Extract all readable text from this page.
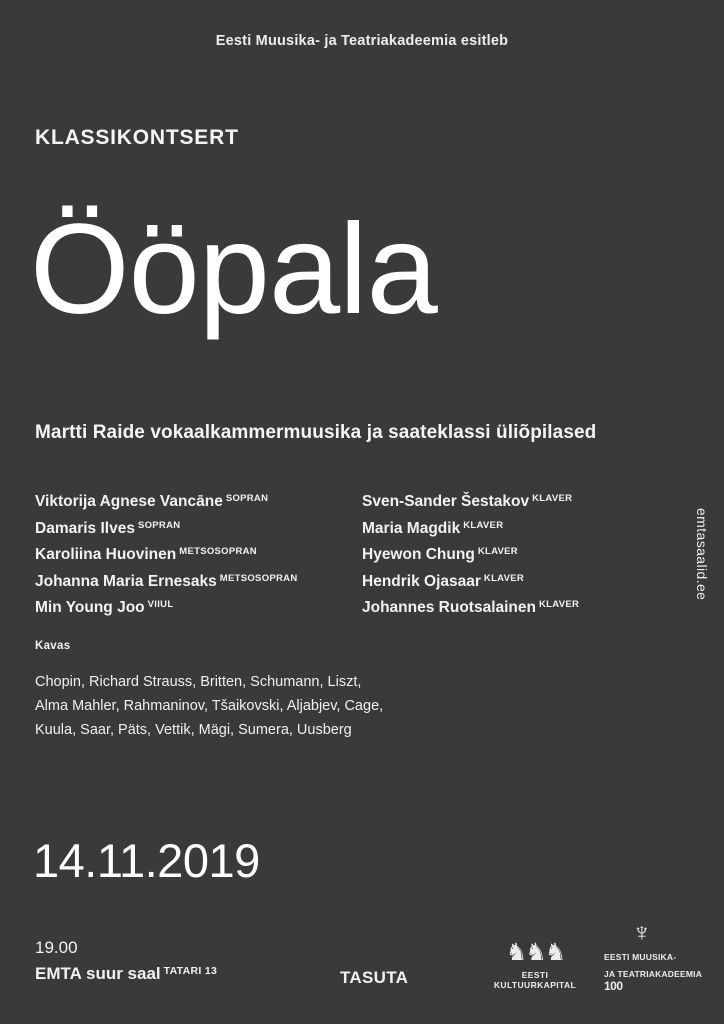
Eesti Muusika- ja Teatriakadeemia esitleb
KLASSIKONTSERT
Ööpala
Martti Raide vokaalkammermuusika ja saateklassi üliõpilased
Viktorija Agnese Vancāne $^{SOPRAN}$
Damaris Ilves $^{SOPRAN}$
Karoliina Huovinen $^{METSOSOPRAN}$
Johanna Maria Ernesaks $^{METSOSOPRAN}$
Min Young Joo $^{VIIUL}$
Sven-Sander Šestakov $^{KLAVER}$
Maria Magdik $^{KLAVER}$
Hyewon Chung $^{KLAVER}$
Hendrik Ojasaar $^{KLAVER}$
Johannes Ruotsalainen $^{KLAVER}$
emtasaalid.ee
Kavas
Chopin, Richard Strauss, Britten, Schumann, Liszt,
Alma Mahler, Rahmaninov, Tšaikovski, Aljabjev, Cage,
Kuula, Saar, Päts, Vettik, Mägi, Sumera, Uusberg
14.11.2019
19.00
EMTA suur saal $^{TATARI 13}$	TASUTA
♞♞♞
EESTI KULTUURKAPITAL
♆
EESTI MUUSIKA-
JA TEATRIAKADEEMIA
100
